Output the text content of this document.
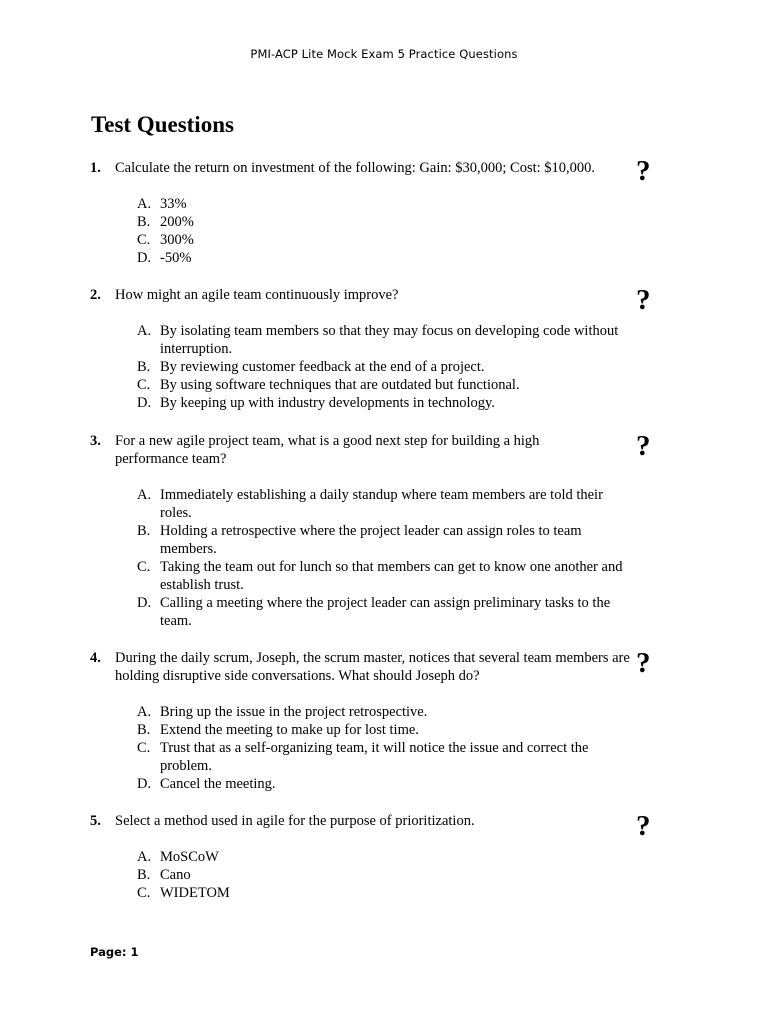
PMI-ACP Lite Mock Exam 5 Practice Questions
Test Questions
1. Calculate the return on investment of the following: Gain: $30,000; Cost: $10,000.	?
A. 33%
B. 200%
C. 300%
D. -50%
2. How might an agile team continuously improve?	?
A. By isolating team members so that they may focus on developing code without interruption.
B. By reviewing customer feedback at the end of a project.
C. By using software techniques that are outdated but functional.
D. By keeping up with industry developments in technology.
3. For a new agile project team, what is a good next step for building a high performance team?	?
A. Immediately establishing a daily standup where team members are told their roles.
B. Holding a retrospective where the project leader can assign roles to team members.
C. Taking the team out for lunch so that members can get to know one another and establish trust.
D. Calling a meeting where the project leader can assign preliminary tasks to the team.
4. During the daily scrum, Joseph, the scrum master, notices that several team members are holding disruptive side conversations. What should Joseph do?	?
A. Bring up the issue in the project retrospective.
B. Extend the meeting to make up for lost time.
C. Trust that as a self-organizing team, it will notice the issue and correct the problem.
D. Cancel the meeting.
5. Select a method used in agile for the purpose of prioritization.	?
A. MoSCoW
B. Cano
C. WIDETOM
Page: 1
